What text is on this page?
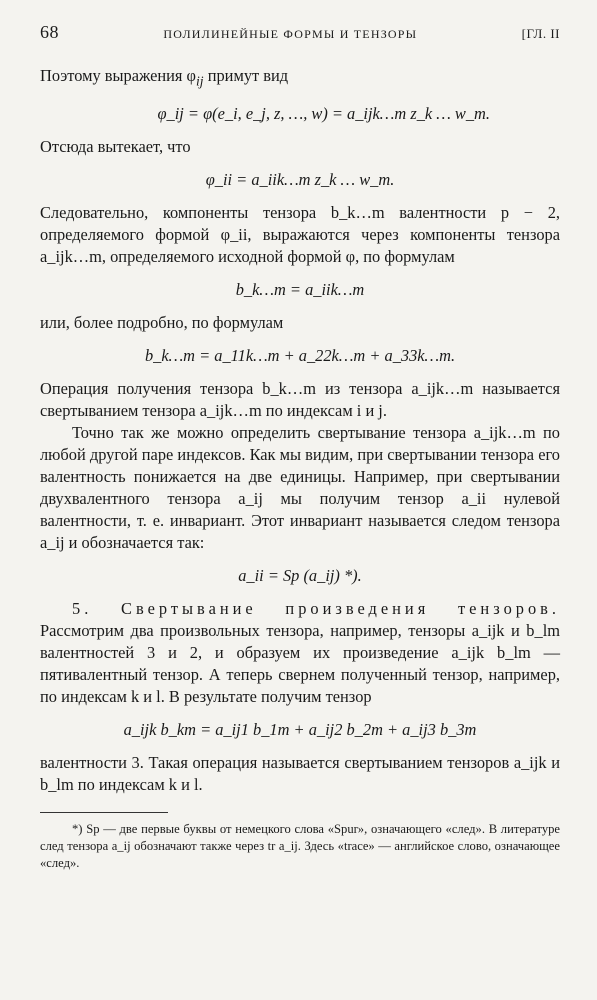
68	ПОЛИЛИНЕЙНЫЕ ФОРМЫ И ТЕНЗОРЫ	[ГЛ. II

Поэтому выражения $\varphi_{ij}$ примут вид

φ_ij = φ(e_i, e_j, z, …, w) = a_ijk…m z_k … w_m.

Отсюда вытекает, что

φ_ii = a_iik…m z_k … w_m.

Следовательно, компоненты тензора b_k…m валентности p − 2, определяемого формой φ_ii, выражаются через компоненты тензора a_ijk…m, определяемого исходной формой φ, по формулам

b_k…m = a_iik…m

или, более подробно, по формулам

b_k…m = a_11k…m + a_22k…m + a_33k…m.

Операция получения тензора b_k…m из тензора a_ijk…m называется свертыванием тензора a_ijk…m по индексам i и j.

Точно так же можно определить свертывание тензора a_ijk…m по любой другой паре индексов. Как мы видим, при свертывании тензора его валентность понижается на две единицы. Например, при свертывании двухвалентного тензора a_ij мы получим тензор a_ii нулевой валентности, т. е. инвариант. Этот инвариант называется следом тензора a_ij и обозначается так:

a_ii = Sp (a_ij) *).

5. Свертывание произведения тензоров. Рассмотрим два произвольных тензора, например, тензоры a_ijk и b_lm валентностей 3 и 2, и образуем их произведение a_ijk b_lm — пятивалентный тензор. А теперь свернем полученный тензор, например, по индексам k и l. В результате получим тензор

a_ijk b_km = a_ij1 b_1m + a_ij2 b_2m + a_ij3 b_3m

валентности 3. Такая операция называется свертыванием тензоров a_ijk и b_lm по индексам k и l.

*) Sp — две первые буквы от немецкого слова «Spur», означающего «след». В литературе след тензора a_ij обозначают также через tr a_ij. Здесь «trace» — английское слово, означающее «след».
